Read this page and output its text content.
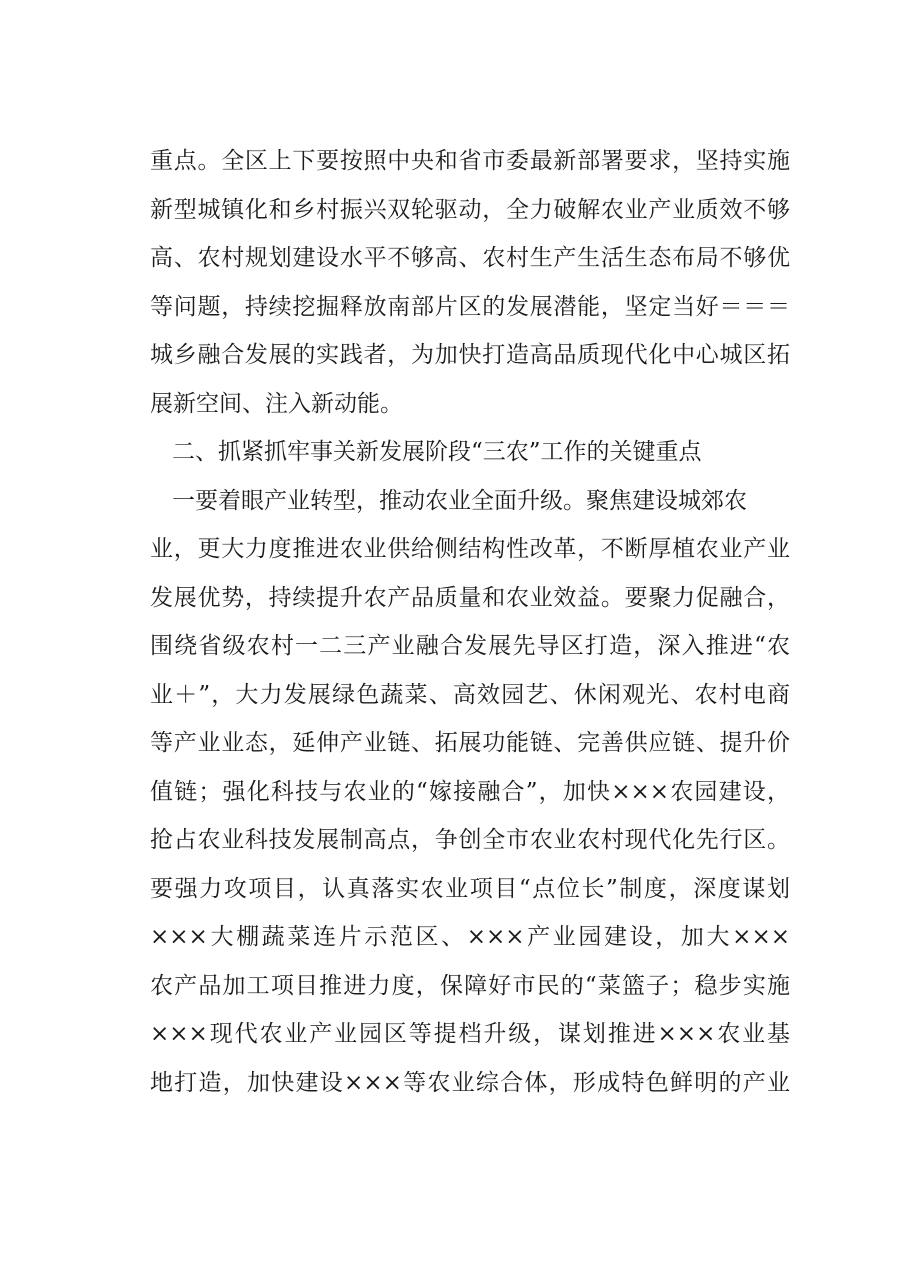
重点。全区上下要按照中央和省市委最新部署要求，坚持实施
新型城镇化和乡村振兴双轮驱动，全力破解农业产业质效不够
高、农村规划建设水平不够高、农村生产生活生态布局不够优
等问题，持续挖掘释放南部片区的发展潜能，坚定当好＝＝＝
城乡融合发展的实践者，为加快打造高品质现代化中心城区拓
展新空间、注入新动能。
二、抓紧抓牢事关新发展阶段“三农”工作的关键重点
一要着眼产业转型，推动农业全面升级。聚焦建设城郊农
业，更大力度推进农业供给侧结构性改革，不断厚植农业产业
发展优势，持续提升农产品质量和农业效益。要聚力促融合，
围绕省级农村一二三产业融合发展先导区打造，深入推进“农
业＋”，大力发展绿色蔬菜、高效园艺、休闲观光、农村电商
等产业业态，延伸产业链、拓展功能链、完善供应链、提升价
值链；强化科技与农业的“嫁接融合”，加快×××农园建设，
抢占农业科技发展制高点，争创全市农业农村现代化先行区。
要强力攻项目，认真落实农业项目“点位长”制度，深度谋划
×××大棚蔬菜连片示范区、×××产业园建设，加大×××
农产品加工项目推进力度，保障好市民的“菜篮子；稳步实施
×××现代农业产业园区等提档升级，谋划推进×××农业基
地打造，加快建设×××等农业综合体，形成特色鲜明的产业
